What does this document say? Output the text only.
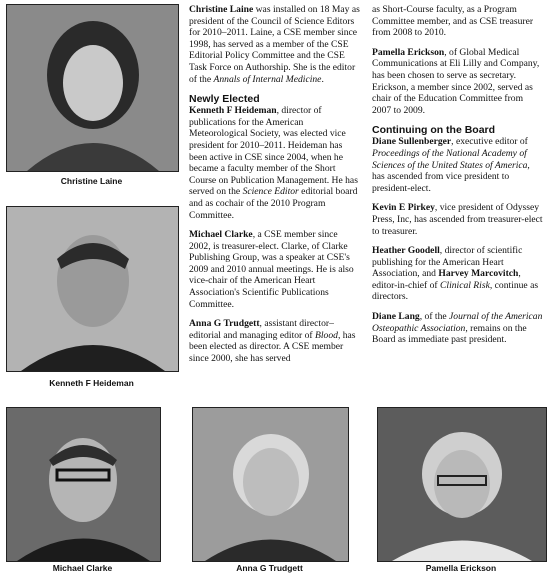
Christine Laine
Kenneth F Heideman
Michael Clarke	Anna G Trudgett	Pamella Erickson

Christine Laine was installed on 18 May as president of the Council of Science Editors for 2010–2011. Laine, a CSE member since 1998, has served as a member of the CSE Editorial Policy Committee and the CSE Task Force on Authorship. She is the editor of the Annals of Internal Medicine.

Newly Elected

Kenneth F Heideman, director of publications for the American Meteorological Society, was elected vice president for 2010–2011. Heideman has been active in CSE since 2004, when he became a faculty member of the Short Course on Publication Management. He has served on the Science Editor editorial board and as cochair of the 2010 Program Committee.

Michael Clarke, a CSE member since 2002, is treasurer-elect. Clarke, of Clarke Publishing Group, was a speaker at CSE's 2009 and 2010 annual meetings. He is also vice-chair of the American Heart Association's Scientific Publications Committee.

Anna G Trudgett, assistant director–editorial and managing editor of Blood, has been elected as director. A CSE member since 2000, she has served

as Short-Course faculty, as a Program Committee member, and as CSE treasurer from 2008 to 2010.

Pamella Erickson, of Global Medical Communications at Eli Lilly and Company, has been chosen to serve as secretary. Erickson, a member since 2002, served as chair of the Education Committee from 2007 to 2009.

Continuing on the Board

Diane Sullenberger, executive editor of Proceedings of the National Academy of Sciences of the United States of America, has ascended from vice president to president-elect.

Kevin E Pirkey, vice president of Odyssey Press, Inc, has ascended from treasurer-elect to treasurer.

Heather Goodell, director of scientific publishing for the American Heart Association, and Harvey Marcovitch, editor-in-chief of Clinical Risk, continue as directors.

Diane Lang, of the Journal of the American Osteopathic Association, remains on the Board as immediate past president.
